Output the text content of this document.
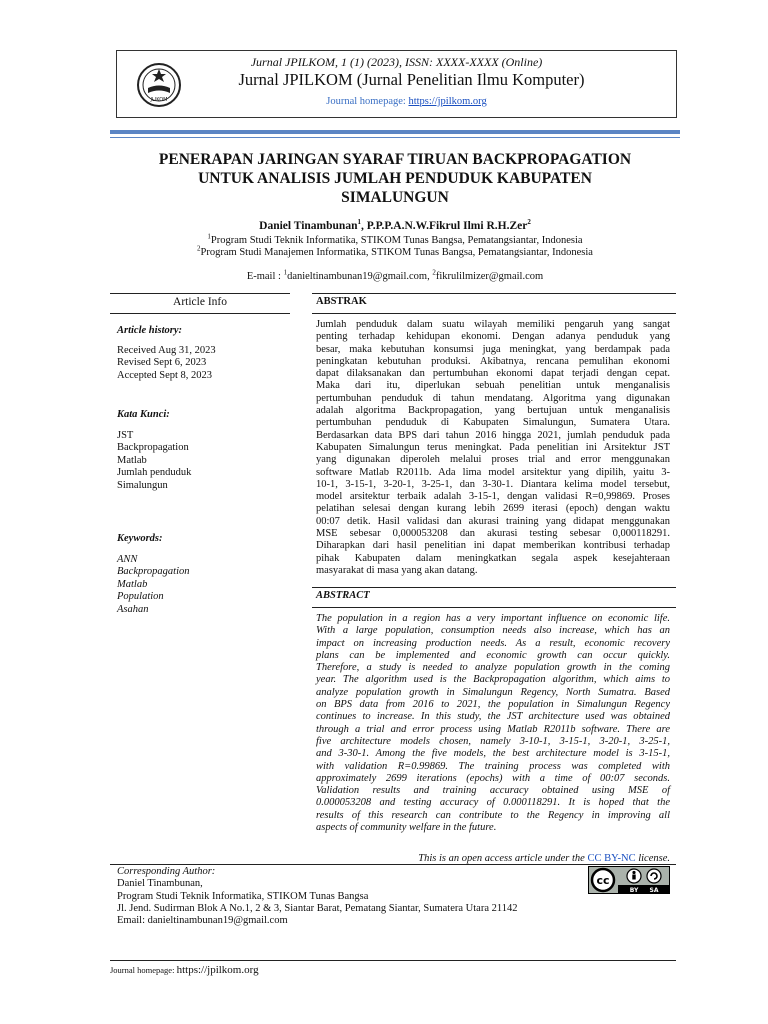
JLIKOM
Jurnal JPILKOM, 1 (1) (2023), ISSN: XXXX-XXXX (Online)
Jurnal JPILKOM (Jurnal Penelitian Ilmu Komputer)
Journal homepage: https://jpilkom.org
PENERAPAN JARINGAN SYARAF TIRUAN BACKPROPAGATION
UNTUK ANALISIS JUMLAH PENDUDUK KABUPATEN
SIMALUNGUN
Daniel Tinambunan$^1$, P.P.P.A.N.W.Fikrul Ilmi R.H.Zer$^2$
$^1$Program Studi Teknik Informatika, STIKOM Tunas Bangsa, Pematangsiantar, Indonesia
$^2$Program Studi Manajemen Informatika, STIKOM Tunas Bangsa, Pematangsiantar, Indonesia
E-mail : $^1$danieltinambunan19@gmail.com, $^2$fikrulilmizer@gmail.com
Article Info
Article history:
Received Aug 31, 2023
Revised Sept 6, 2023
Accepted Sept 8, 2023
Kata Kunci:
JST
Backpropagation
Matlab
Jumlah penduduk
Simalungun
Keywords:
ANN
Backpropagation
Matlab
Population
Asahan
ABSTRAK
Jumlah penduduk dalam suatu wilayah memiliki pengaruh yang sangat
penting terhadap kehidupan ekonomi. Dengan adanya penduduk yang
besar, maka kebutuhan konsumsi juga meningkat, yang berdampak pada
peningkatan kebutuhan produksi. Akibatnya, rencana pemulihan ekonomi
dapat dilaksanakan dan pertumbuhan ekonomi dapat terjadi dengan cepat.
Maka dari itu, diperlukan sebuah penelitian untuk menganalisis
pertumbuhan penduduk di tahun mendatang. Algoritma yang digunakan
adalah algoritma Backpropagation, yang bertujuan untuk menganalisis
pertumbuhan penduduk di Kabupaten Simalungun, Sumatera Utara.
Berdasarkan data BPS dari tahun 2016 hingga 2021, jumlah penduduk pada
Kabupaten Simalungun terus meningkat. Pada penelitian ini Arsitektur JST
yang digunakan diperoleh melalui proses trial and error menggunakan
software Matlab R2011b. Ada lima model arsitektur yang dipilih, yaitu 3-
10-1, 3-15-1, 3-20-1, 3-25-1, dan 3-30-1. Diantara kelima model tersebut,
model arsitektur terbaik adalah 3-15-1, dengan validasi R=0,99869. Proses
pelatihan selesai dengan kurang lebih 2699 iterasi (epoch) dengan waktu
00:07 detik. Hasil validasi dan akurasi training yang didapat menggunakan
MSE sebesar 0,000053208 dan akurasi testing sebesar 0,000118291.
Diharapkan dari hasil penelitian ini dapat memberikan kontribusi terhadap
pihak Kabupaten dalam meningkatkan segala aspek kesejahteraan
masyarakat di masa yang akan datang.
ABSTRACT
The population in a region has a very important influence on economic life.
With a large population, consumption needs also increase, which has an
impact on increasing production needs. As a result, economic recovery
plans can be implemented and economic growth can occur quickly.
Therefore, a study is needed to analyze population growth in the coming
year. The algorithm used is the Backpropagation algorithm, which aims to
analyze population growth in Simalungun Regency, North Sumatra. Based
on BPS data from 2016 to 2021, the population in Simalungun Regency
continues to increase. In this study, the JST architecture used was obtained
through a trial and error process using Matlab R2011b software. There are
five architecture models chosen, namely 3-10-1, 3-15-1, 3-20-1, 3-25-1,
and 3-30-1. Among the five models, the best architecture model is 3-15-1,
with validation R=0.99869. The training process was completed with
approximately 2699 iterations (epochs) with a time of 00:07 seconds.
Validation results and training accuracy obtained using MSE of
0.000053208 and testing accuracy of 0.000118291. It is hoped that the
results of this research can contribute to the Regency in improving all
aspects of community welfare in the future.
This is an open access article under the CC BY-NC license.
Corresponding Author:
Daniel Tinambunan,
Program Studi Teknik Informatika, STIKOM Tunas Bangsa
Jl. Jend. Sudirman Blok A No.1, 2 & 3, Siantar Barat, Pematang Siantar, Sumatera Utara 21142
Email: danieltinambunan19@gmail.com
cc
BY SA
Journal homepage: https://jpilkom.org
